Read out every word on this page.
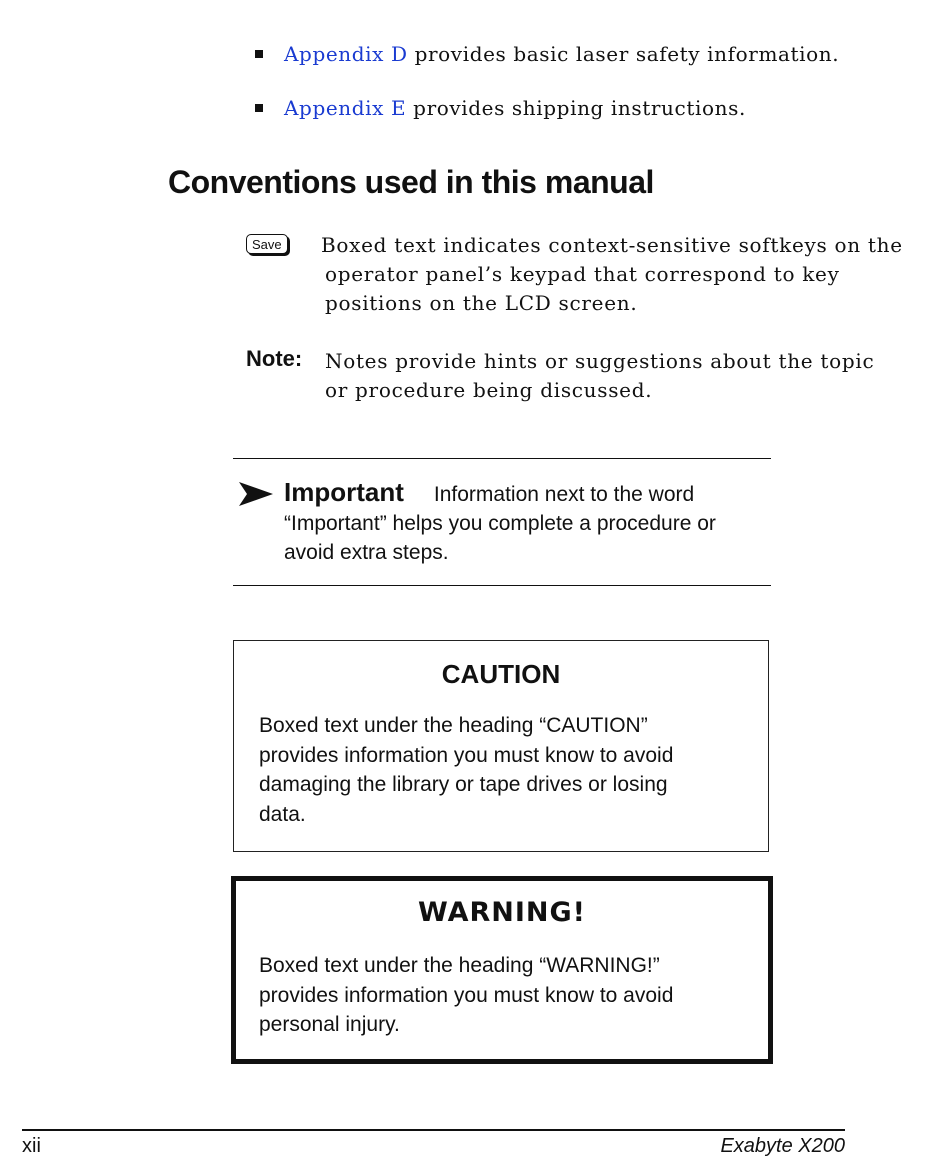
Appendix D provides basic laser safety information.
Appendix E provides shipping instructions.
Conventions used in this manual
Save	Boxed text indicates context-sensitive softkeys on the
operator panel’s keypad that correspond to key
positions on the LCD screen.
Note: Notes provide hints or suggestions about the topic
or procedure being discussed.
Important Information next to the word
“Important” helps you complete a procedure or
avoid extra steps.
CAUTION
Boxed text under the heading “CAUTION”
provides information you must know to avoid
damaging the library or tape drives or losing
data.
WARNING!
Boxed text under the heading “WARNING!”
provides information you must know to avoid
personal injury.
xii	Exabyte X200
